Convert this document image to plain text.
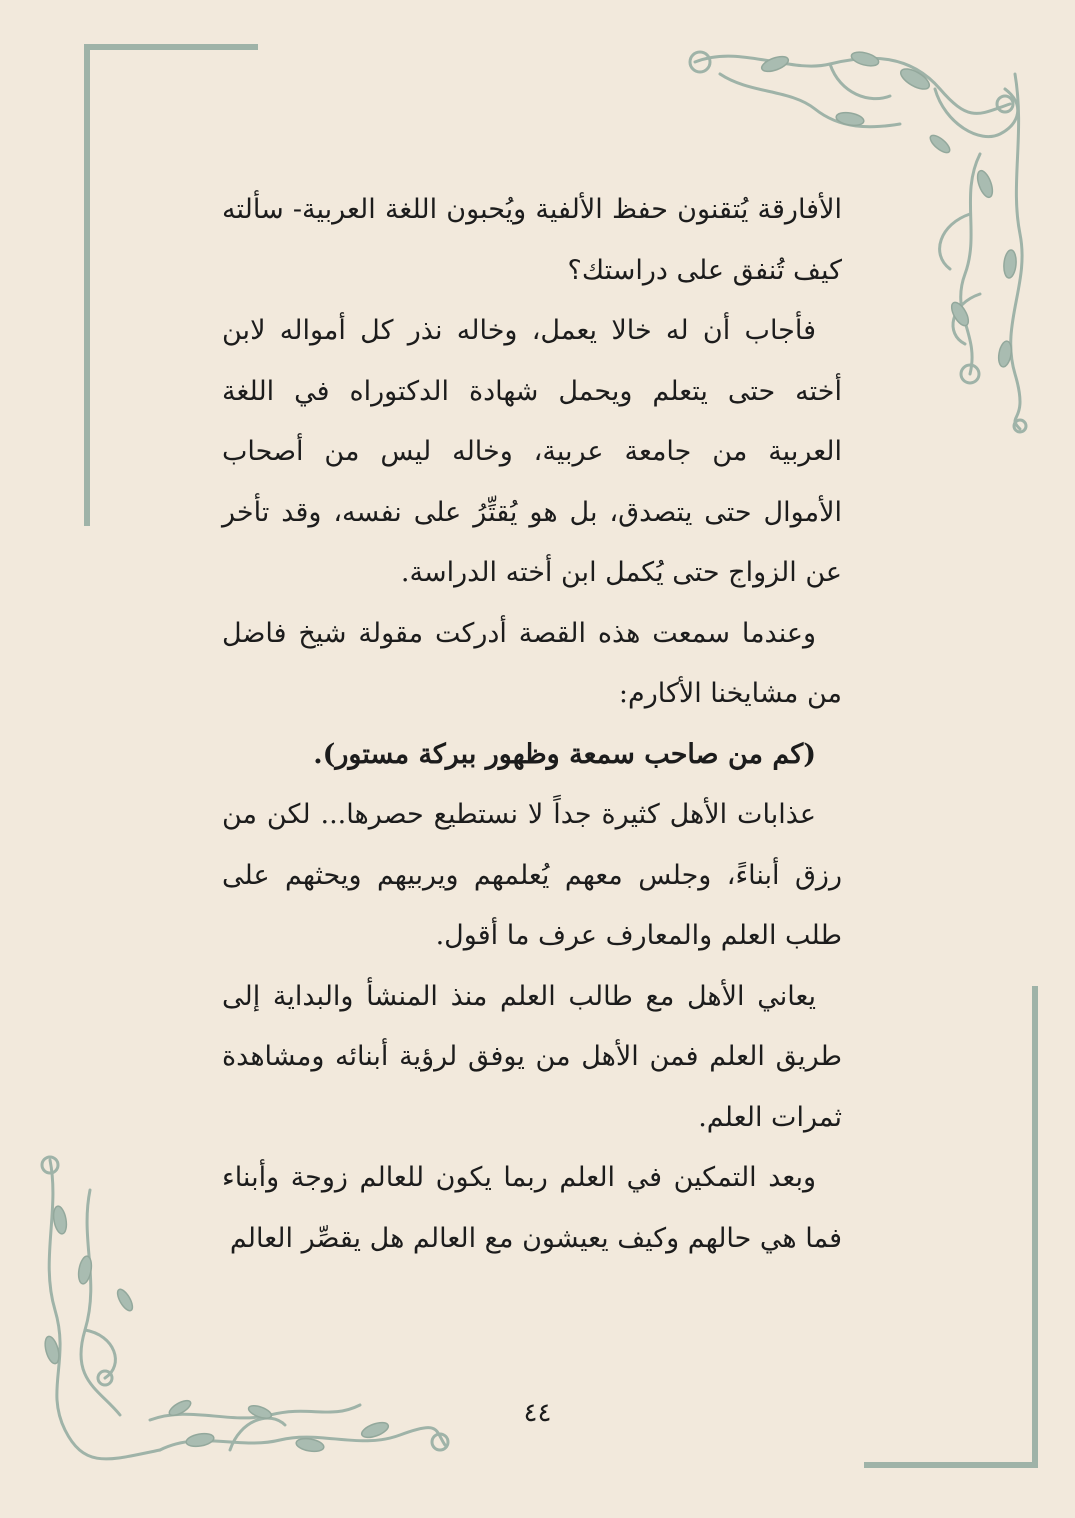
الأفارقة يُتقنون حفظ الألفية ويُحبون اللغة العربية- سألته كيف تُنفق على دراستك؟

فأجاب أن له خالا يعمل، وخاله نذر كل أمواله لابن أخته حتى يتعلم ويحمل شهادة الدكتوراه في اللغة العربية من جامعة عربية، وخاله ليس من أصحاب الأموال حتى يتصدق، بل هو يُقتِّرُ على نفسه، وقد تأخر عن الزواج حتى يُكمل ابن أخته الدراسة.

وعندما سمعت هذه القصة أدركت مقولة شيخ فاضل من مشايخنا الأكارم:

(كم من صاحب سمعة وظهور ببركة مستور).

عذابات الأهل كثيرة جداً لا نستطيع حصرها... لكن من رزق أبناءً، وجلس معهم يُعلمهم ويربيهم ويحثهم على طلب العلم والمعارف عرف ما أقول.

يعاني الأهل مع طالب العلم منذ المنشأ والبداية إلى طريق العلم فمن الأهل من يوفق لرؤية أبنائه ومشاهدة ثمرات العلم.

وبعد التمكين في العلم ربما يكون للعالم زوجة وأبناء فما هي حالهم وكيف يعيشون مع العالم هل يقصِّر العالم

٤٤
